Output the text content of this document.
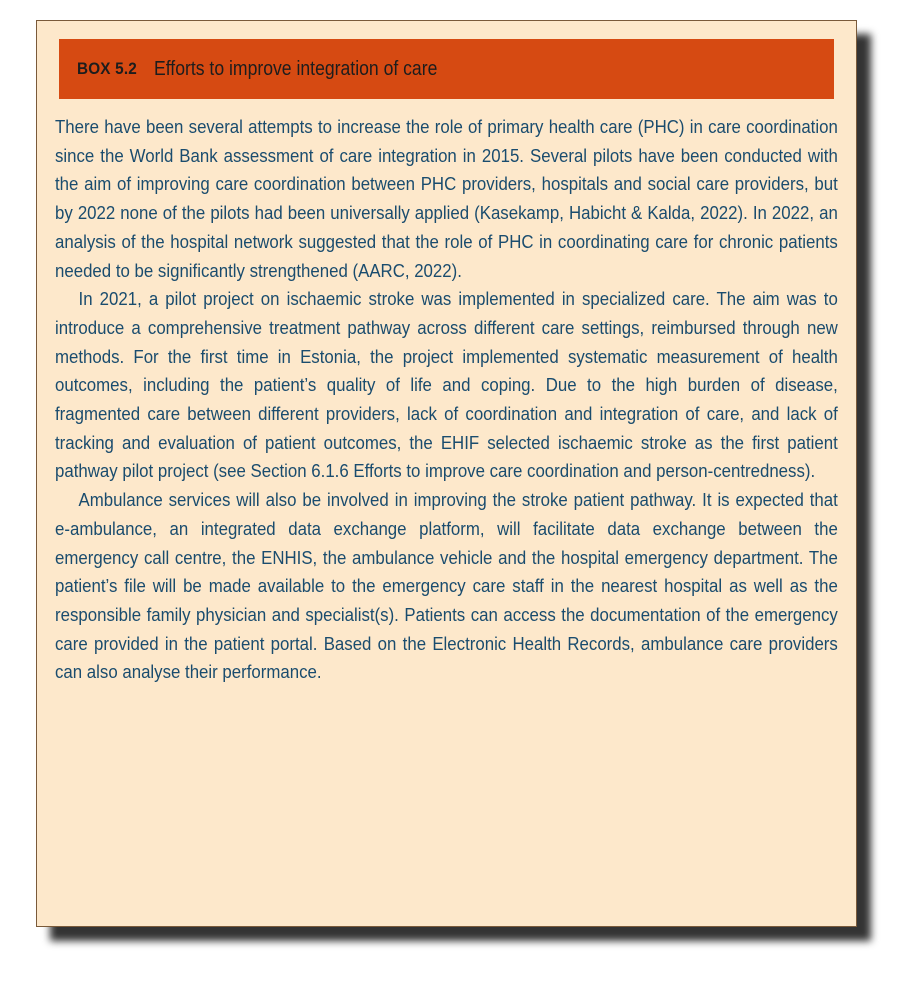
BOX 5.2 Efforts to improve integration of care

There have been several attempts to increase the role of primary health care (PHC) in care coordination since the World Bank assessment of care integration in 2015. Several pilots have been conducted with the aim of improving care coordination between PHC providers, hospitals and social care providers, but by 2022 none of the pilots had been universally applied (Kasekamp, Habicht & Kalda, 2022). In 2022, an analysis of the hospital network suggested that the role of PHC in coordinating care for chronic patients needed to be significantly strengthened (AARC, 2022).

In 2021, a pilot project on ischaemic stroke was implemented in specialized care. The aim was to introduce a comprehensive treatment pathway across different care settings, reimbursed through new methods. For the first time in Estonia, the project implemented systematic measurement of health outcomes, including the patient’s quality of life and coping. Due to the high burden of disease, fragmented care between different providers, lack of coordination and integration of care, and lack of tracking and evaluation of patient outcomes, the EHIF selected ischaemic stroke as the first patient pathway pilot project (see Section 6.1.6 Efforts to improve care coordination and person-centredness).

Ambulance services will also be involved in improving the stroke patient pathway. It is expected that e-ambulance, an integrated data exchange platform, will facilitate data exchange between the emergency call centre, the ENHIS, the ambulance vehicle and the hospital emergency department. The patient’s file will be made available to the emergency care staff in the nearest hospital as well as the responsible family physician and specialist(s). Patients can access the documentation of the emergency care provided in the patient portal. Based on the Electronic Health Records, ambulance care providers can also analyse their performance.
